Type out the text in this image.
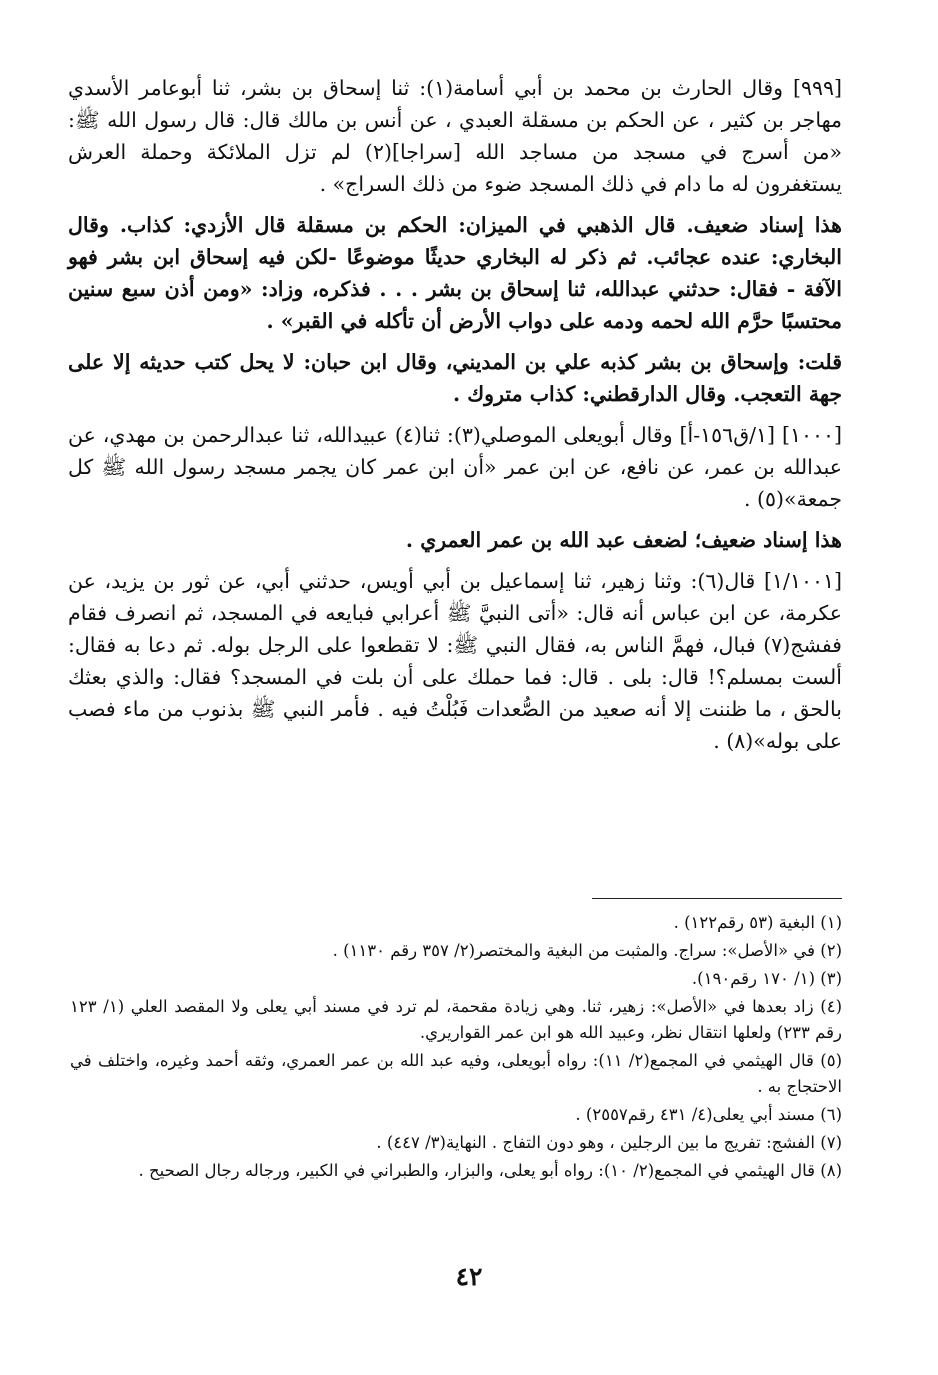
[٩٩٩] وقال الحارث بن محمد بن أبي أسامة(١): ثنا إسحاق بن بشر، ثنا أبوعامر الأسدي مهاجر بن كثير ، عن الحكم بن مسقلة العبدي ، عن أنس بن مالك قال: قال رسول الله ﷺ: «من أسرج في مسجد من مساجد الله [سراجا](٢) لم تزل الملائكة وحملة العرش يستغفرون له ما دام في ذلك المسجد ضوء من ذلك السراج» .

هذا إسناد ضعيف. قال الذهبي في الميزان: الحكم بن مسقلة قال الأزدي: كذاب. وقال البخاري: عنده عجائب. ثم ذكر له البخاري حديثًا موضوعًا -لكن فيه إسحاق ابن بشر فهو الآفة - فقال: حدثني عبدالله، ثنا إسحاق بن بشر . . . فذكره، وزاد: «ومن أذن سبع سنين محتسبًا حرَّم الله لحمه ودمه على دواب الأرض أن تأكله في القبر» .

قلت: وإسحاق بن بشر كذبه علي بن المديني، وقال ابن حبان: لا يحل كتب حديثه إلا على جهة التعجب. وقال الدارقطني: كذاب متروك .

[١٠٠٠] [١/ق١٥٦-أ] وقال أبويعلى الموصلي(٣): ثنا(٤) عبيدالله، ثنا عبدالرحمن بن مهدي، عن عبدالله بن عمر، عن نافع، عن ابن عمر «أن ابن عمر كان يجمر مسجد رسول الله ﷺ كل جمعة»(٥) .

هذا إسناد ضعيف؛ لضعف عبد الله بن عمر العمري .

[١/١٠٠١] قال(٦): وثنا زهير، ثنا إسماعيل بن أبي أويس، حدثني أبي، عن ثور بن يزيد، عن عكرمة، عن ابن عباس أنه قال: «أتى النبيَّ ﷺ أعرابي فبايعه في المسجد، ثم انصرف فقام ففشج(٧) فبال، فهمَّ الناس به، فقال النبي ﷺ: لا تقطعوا على الرجل بوله. ثم دعا به فقال: ألست بمسلم؟! قال: بلى . قال: فما حملك على أن بلت في المسجد؟ فقال: والذي بعثك بالحق ، ما ظننت إلا أنه صعيد من الصُّعدات فَبُلْتُ فيه . فأمر النبي ﷺ بذنوب من ماء فصب على بوله»(٨) .

(١) البغية (٥٣ رقم١٢٢) .

(٢) في «الأصل»: سراج. والمثبت من البغية والمختصر(٢/ ٣٥٧ رقم ١١٣٠) .

(٣) (١/ ١٧٠ رقم١٩٠).

(٤) زاد بعدها في «الأصل»: زهير، ثنا. وهي زيادة مقحمة، لم ترد في مسند أبي يعلى ولا المقصد العلي (١/ ١٢٣ رقم ٢٣٣) ولعلها انتقال نظر، وعبيد الله هو ابن عمر القواريري.

(٥) قال الهيثمي في المجمع(٢/ ١١): رواه أبويعلى، وفيه عبد الله بن عمر العمري، وثقه أحمد وغيره، واختلف في الاحتجاج به .

(٦) مسند أبي يعلى(٤/ ٤٣١ رقم٢٥٥٧) .

(٧) الفشج: تفريج ما بين الرجلين ، وهو دون التفاج . النهاية(٣/ ٤٤٧) .

(٨) قال الهيثمي في المجمع(٢/ ١٠): رواه أبو يعلى، والبزار، والطبراني في الكبير، ورجاله رجال الصحيح .

٤٢
